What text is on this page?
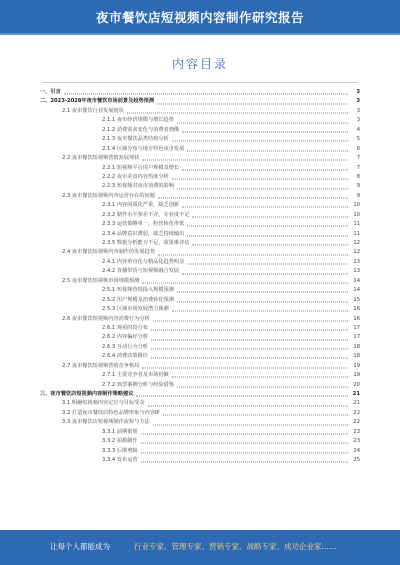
夜市餐饮店短视频内容制作研究报告
内容目录
一、引言	3
二、2023-2028年夜市餐饮市场前景及趋势预测	3
2.1 夜市餐饮行业发展现状	3
2.1.1 夜市经济规模与增长趋势	3
2.1.2 消费需求变化与消费者画像	4
2.1.3 夜市餐饮品类结构分析	5
2.1.4 区域分布与地方特色夜市发展	6
2.2 夜市餐饮短视频营销发展现状	7
2.2.1 短视频平台用户规模及增长	7
2.2.2 夜市美食内容热度分析	8
2.2.3 短视频对夜市消费的影响	9
2.3 夜市餐饮短视频内容运营存在的问题	9
2.3.1 内容同质化严重，缺乏创新	10
2.3.2 制作水平参差不齐，专业度不足	10
2.3.3 运营策略单一，粉丝转化率低	11
2.3.4 品牌意识薄弱，缺乏持续输出	11
2.3.5 数据分析能力不足，效果难评估	12
2.4 夜市餐饮短视频内容制作的发展趋势	12
2.4.1 内容垂直化与精品化趋势明显	13
2.4.2 直播带货与短视频融合发展	13
2.5 夜市餐饮短视频市场规模预测	14
2.5.1 短视频营销投入规模预测	14
2.5.2 用户规模及消费转化预测	15
2.5.3 区域市场发展潜力预测	16
2.6 夜市餐饮短视频内容消费行为分析	16
2.6.1 观看时段分布	17
2.6.2 内容偏好分析	17
2.6.3 互动行为分析	18
2.6.4 消费决策路径	18
2.7 夜市餐饮短视频营销竞争格局	19
2.7.1 主要竞争者及市场份额	19
2.7.2 典型案例分析与经验借鉴	20
三、夜市餐饮店短视频内容制作策略建议	21
3.1 明确短视频内容定位与目标受众	21
3.2 打造夜市餐饮店特色品牌形象与内容IP	22
3.3 夜市餐饮店短视频制作流程与方法	22
3.3.1 前期策划	23
3.3.2 拍摄制作	23
3.3.3 后期剪辑	24
3.3.4 发布运营	25
·
让每个人都能成为	行业专家、管理专家、营销专家、战略专家、成功企业家……
